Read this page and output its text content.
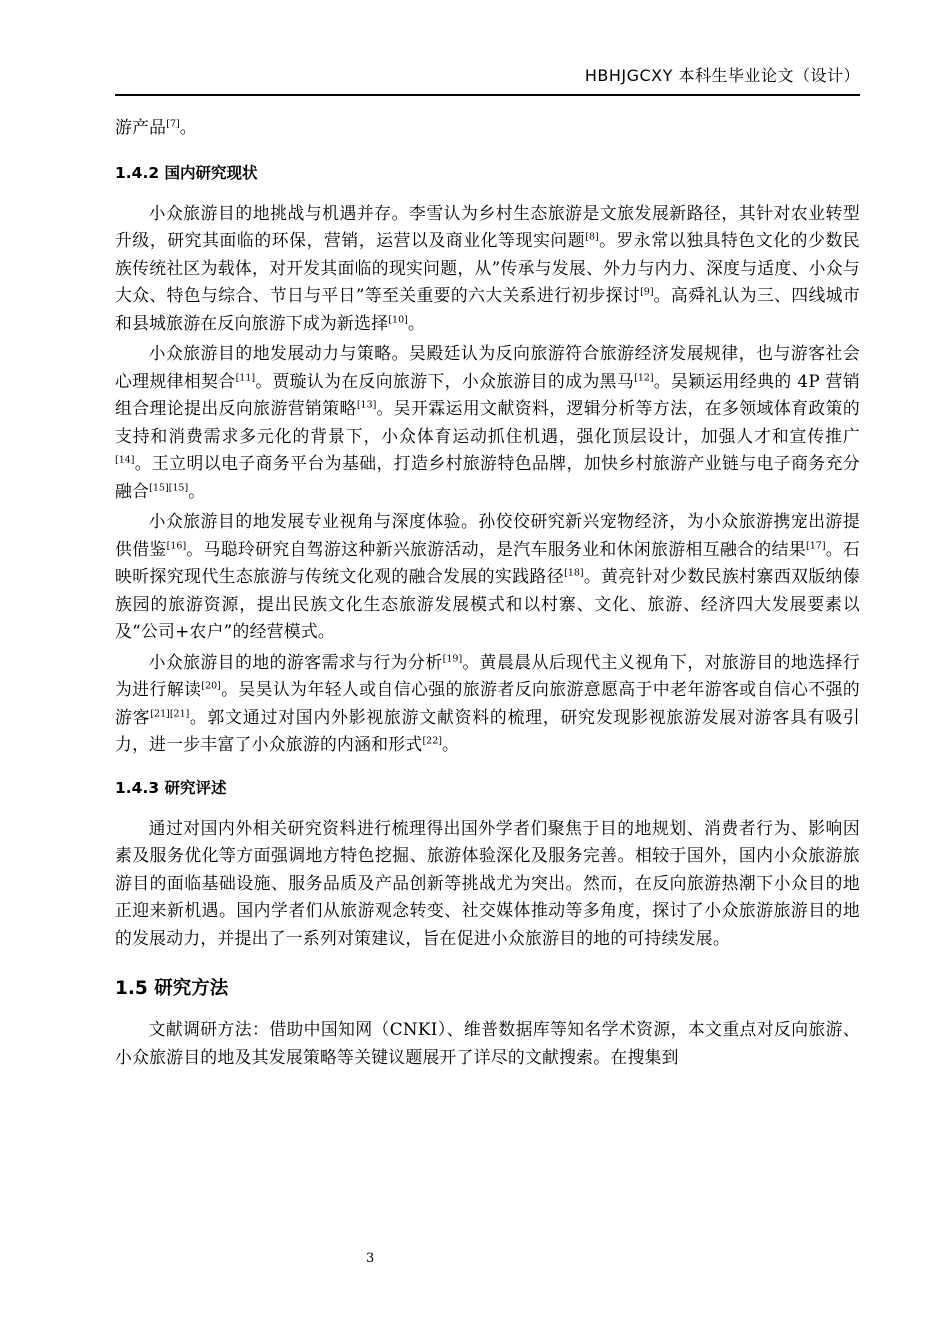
HBHJGCXY 本科生毕业论文（设计）

游产品[7]。

1.4.2 国内研究现状

小众旅游目的地挑战与机遇并存。李雪认为乡村生态旅游是文旅发展新路径，其针对农业转型升级，研究其面临的环保，营销，运营以及商业化等现实问题[8]。罗永常以独具特色文化的少数民族传统社区为载体，对开发其面临的现实问题，从”传承与发展、外力与内力、深度与适度、小众与大众、特色与综合、节日与平日”等至关重要的六大关系进行初步探讨[9]。高舜礼认为三、四线城市和县城旅游在反向旅游下成为新选择[10]。

小众旅游目的地发展动力与策略。吴殿廷认为反向旅游符合旅游经济发展规律，也与游客社会心理规律相契合[11]。贾璇认为在反向旅游下，小众旅游目的成为黑马[12]。吴颖运用经典的 4P 营销组合理论提出反向旅游营销策略[13]。吴开霖运用文献资料，逻辑分析等方法，在多领域体育政策的支持和消费需求多元化的背景下，小众体育运动抓住机遇，强化顶层设计，加强人才和宣传推广[14]。王立明以电子商务平台为基础，打造乡村旅游特色品牌，加快乡村旅游产业链与电子商务充分融合[15][15]。

小众旅游目的地发展专业视角与深度体验。孙佼佼研究新兴宠物经济，为小众旅游携宠出游提供借鉴[16]。马聪玲研究自驾游这种新兴旅游活动，是汽车服务业和休闲旅游相互融合的结果[17]。石映昕探究现代生态旅游与传统文化观的融合发展的实践路径[18]。黄亮针对少数民族村寨西双版纳傣族园的旅游资源，提出民族文化生态旅游发展模式和以村寨、文化、旅游、经济四大发展要素以及“公司+农户”的经营模式。

小众旅游目的地的游客需求与行为分析[19]。黄晨晨从后现代主义视角下，对旅游目的地选择行为进行解读[20]。吴昊认为年轻人或自信心强的旅游者反向旅游意愿高于中老年游客或自信心不强的游客[21][21]。郭文通过对国内外影视旅游文献资料的梳理，研究发现影视旅游发展对游客具有吸引力，进一步丰富了小众旅游的内涵和形式[22]。

1.4.3 研究评述

通过对国内外相关研究资料进行梳理得出国外学者们聚焦于目的地规划、消费者行为、影响因素及服务优化等方面强调地方特色挖掘、旅游体验深化及服务完善。相较于国外，国内小众旅游旅游目的面临基础设施、服务品质及产品创新等挑战尤为突出。然而，在反向旅游热潮下小众目的地正迎来新机遇。国内学者们从旅游观念转变、社交媒体推动等多角度，探讨了小众旅游旅游目的地的发展动力，并提出了一系列对策建议，旨在促进小众旅游目的地的可持续发展。

1.5 研究方法

文献调研方法：借助中国知网（CNKI）、维普数据库等知名学术资源，本文重点对反向旅游、小众旅游目的地及其发展策略等关键议题展开了详尽的文献搜索。在搜集到

3
